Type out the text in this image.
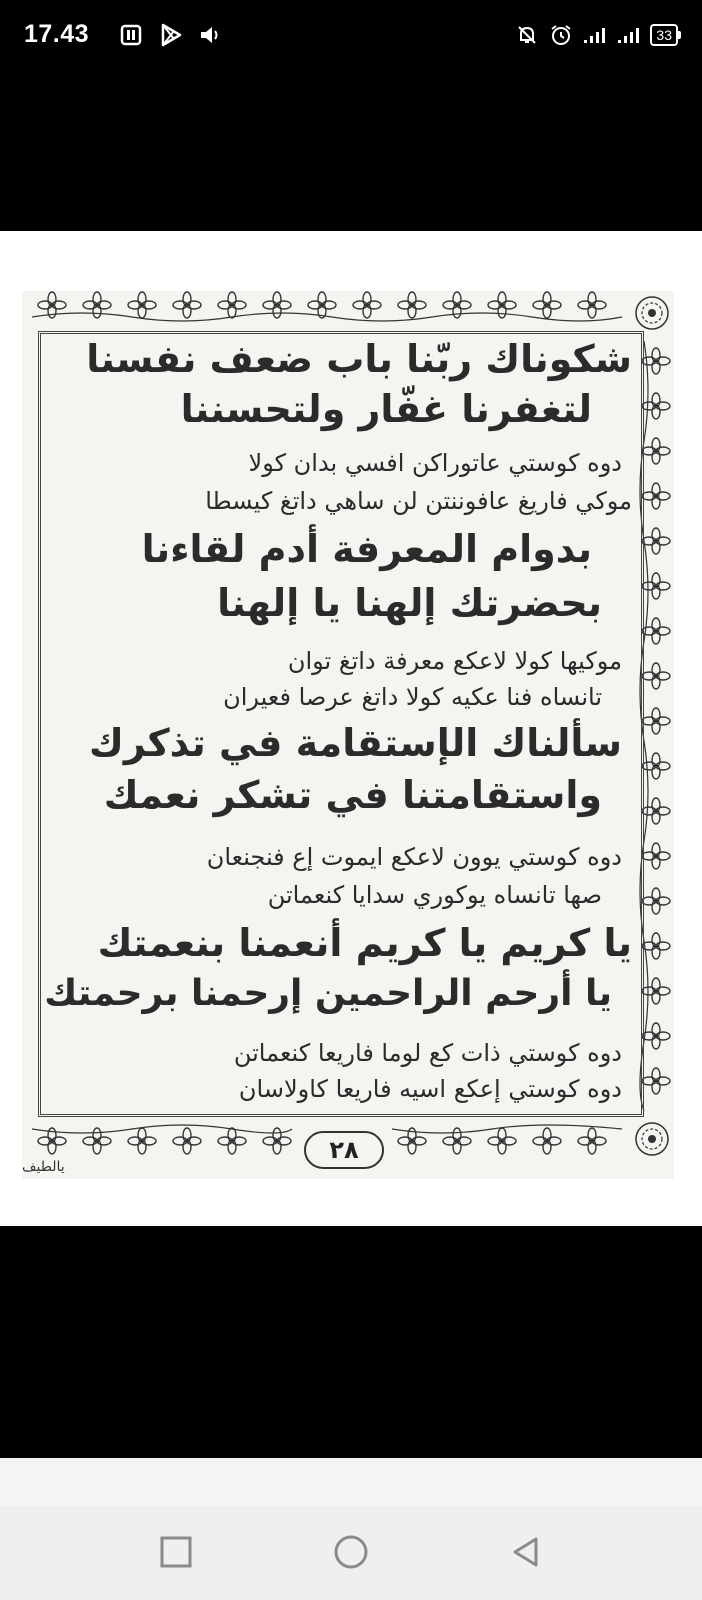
17.43	33
شكوناك ربّنا باب ضعف نفسنا
لتغفرنا غفّار ولتحسننا
دوه كوستي عاتوراكن افسي بدان كولا
موكي فاريغ عافوننتن لن ساهي داتغ كيسطا
بدوام المعرفة أدم لقاءنا
بحضرتك إلهنا يا إلهنا
موكيها كولا لاعكع معرفة داتغ توان
تانساه فنا عكيه كولا داتغ عرصا فعيران
سألناك الإستقامة في تذكرك
واستقامتنا في تشكر نعمك
دوه كوستي يوون لاعكع ايموت إع فنجنعان
صها تانساه يوكوري سدايا كنعماتن
يا كريم يا كريم أنعمنا بنعمتك
يا أرحم الراحمين إرحمنا برحمتك
دوه كوستي ذات كع لوما فاريعا كنعماتن
دوه كوستي إعكع اسيه فاريعا كاولاسان
٢٨
يالطيف
